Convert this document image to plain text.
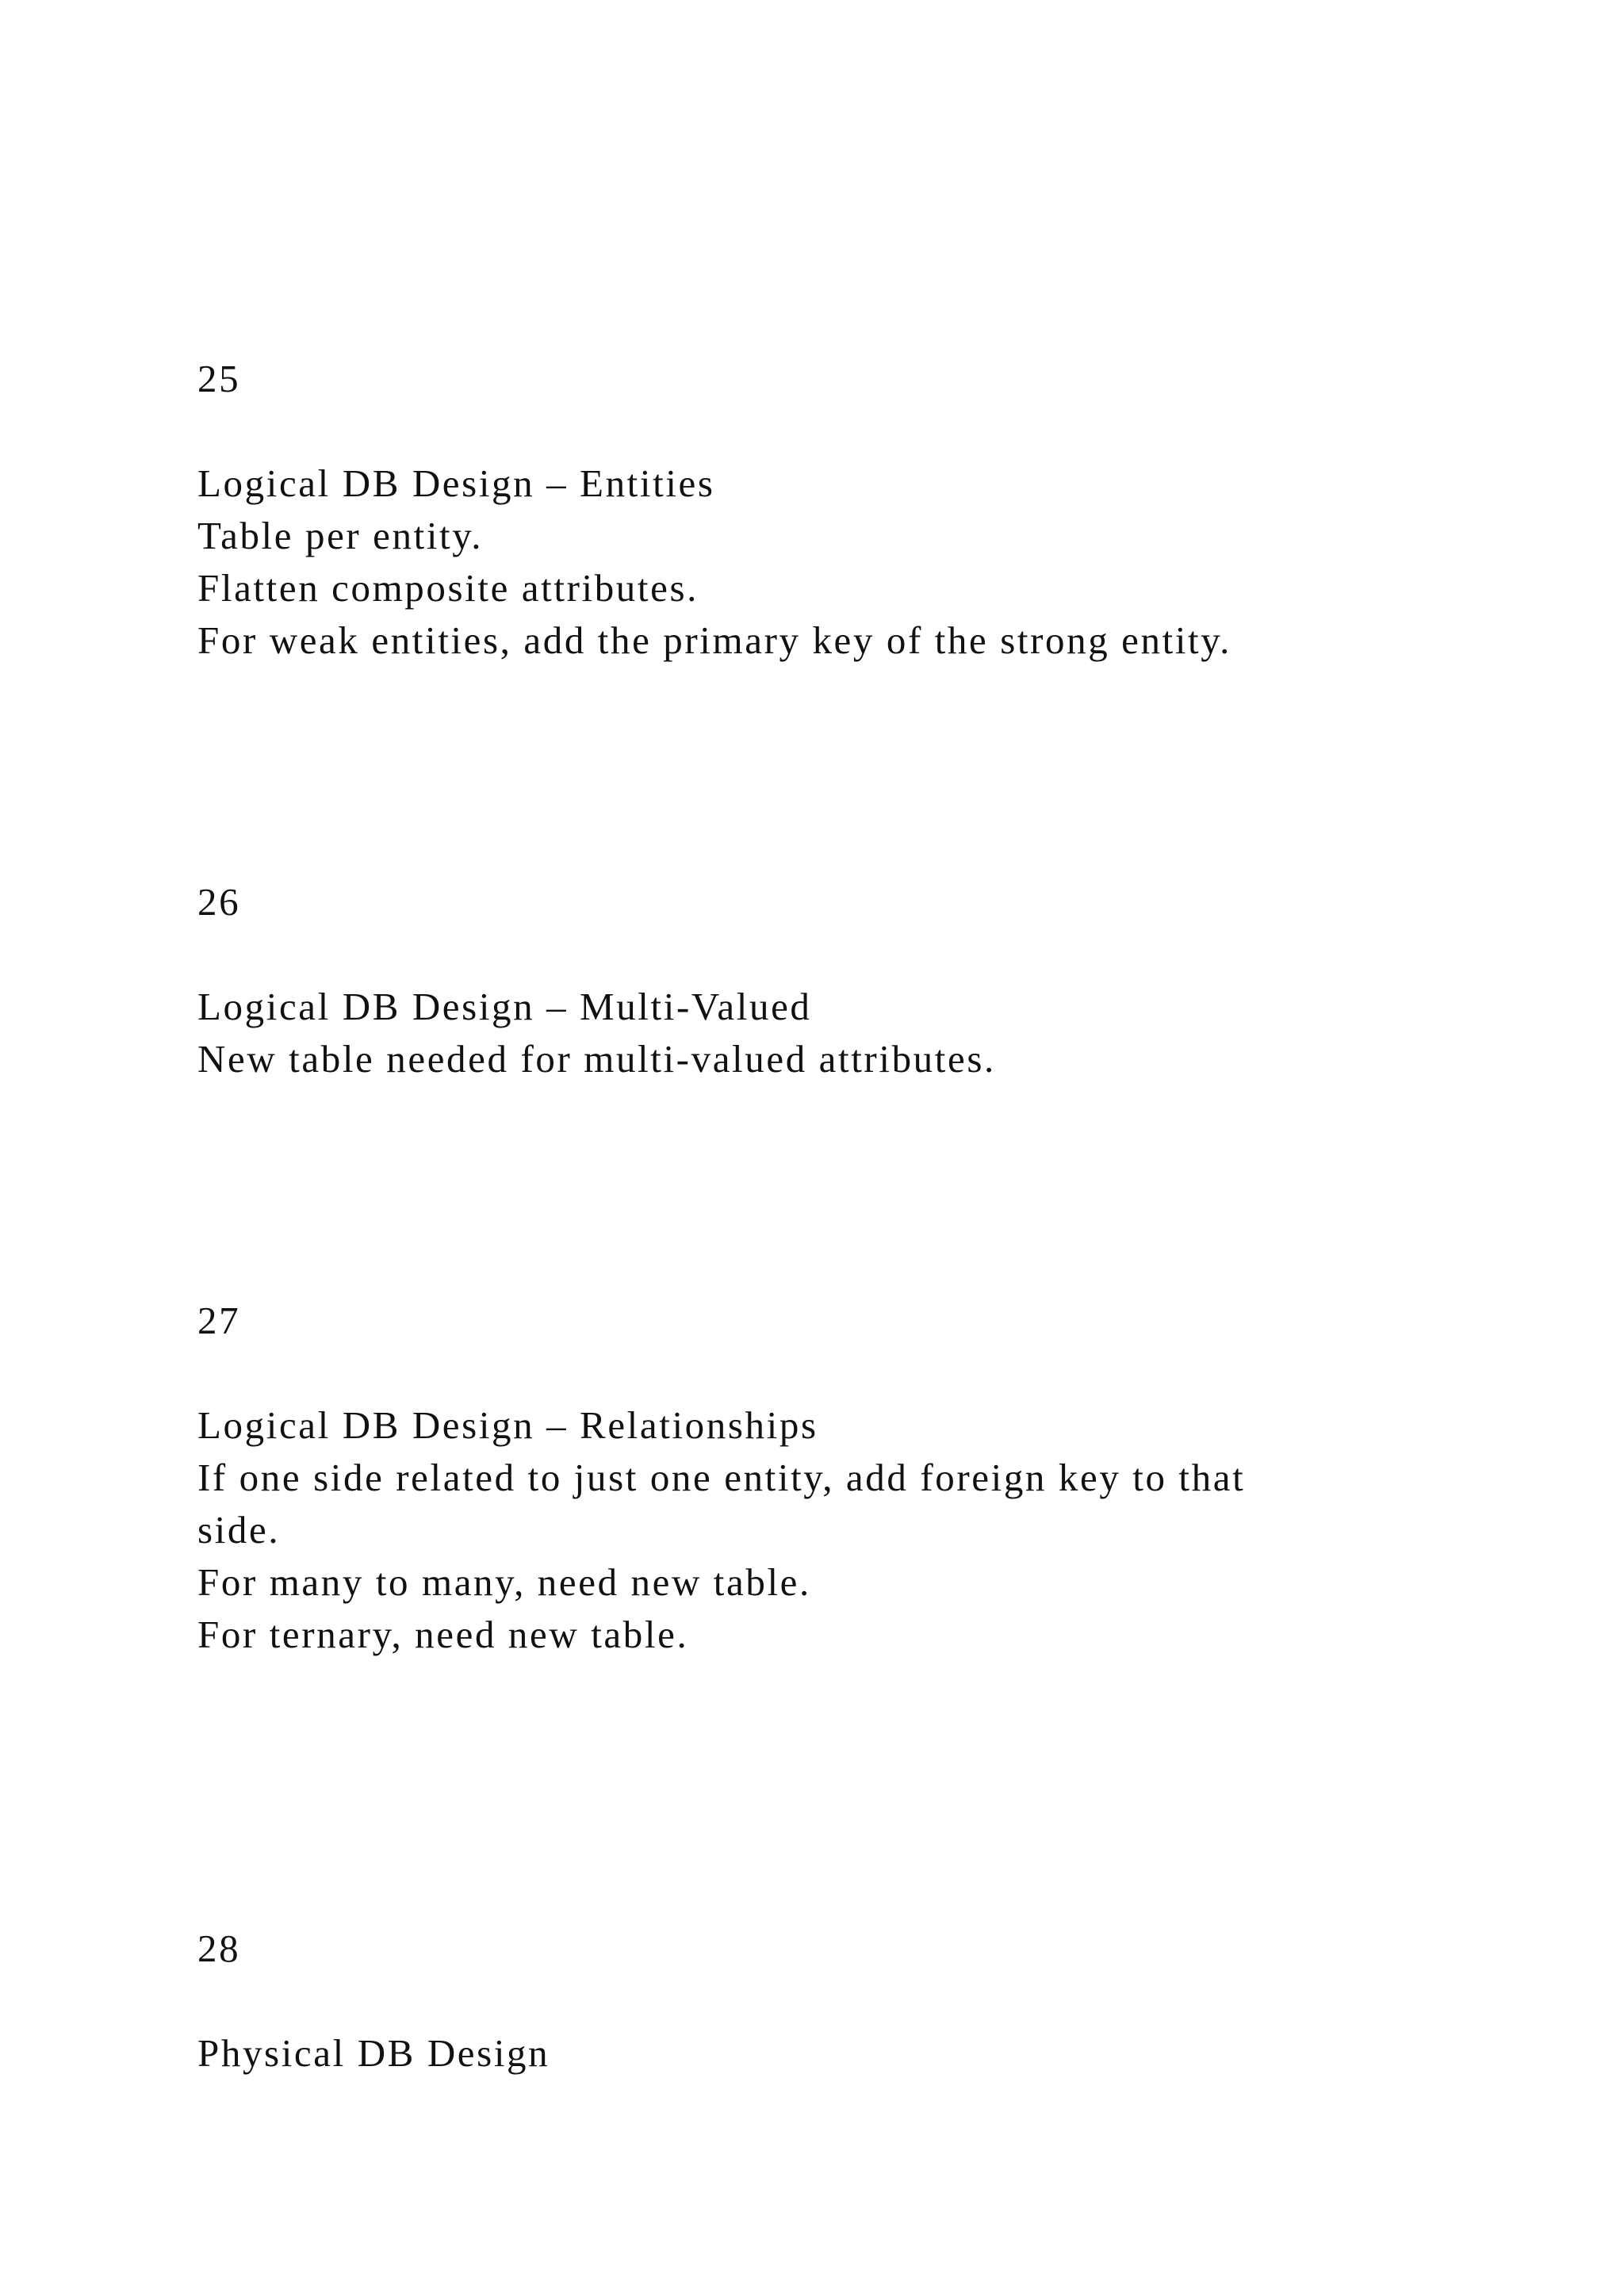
25
Logical DB Design – Entities
Table per entity.
Flatten composite attributes.
For weak entities, add the primary key of the strong entity.
26
Logical DB Design – Multi-Valued
New table needed for multi-valued attributes.
27
Logical DB Design – Relationships
If one side related to just one entity, add foreign key to that
side.
For many to many, need new table.
For ternary, need new table.
28
Physical DB Design
